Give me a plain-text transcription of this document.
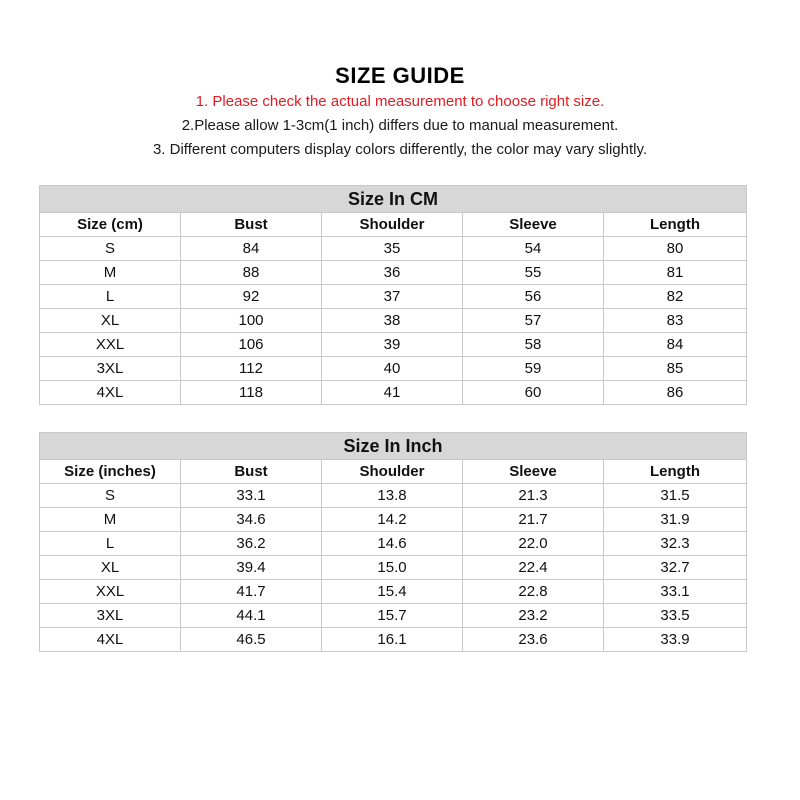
SIZE GUIDE
1. Please check the actual measurement to choose right size.
2.Please allow 1-3cm(1 inch) differs due to manual measurement.
3. Different computers display colors differently, the color may vary slightly.
Size In CM				
Size (cm)	Bust	Shoulder	Sleeve	Length
S	84	35	54	80
M	88	36	55	81
L	92	37	56	82
XL	100	38	57	83
XXL	106	39	58	84
3XL	112	40	59	85
4XL	118	41	60	86
Size In Inch				
Size (inches)	Bust	Shoulder	Sleeve	Length
S	33.1	13.8	21.3	31.5
M	34.6	14.2	21.7	31.9
L	36.2	14.6	22.0	32.3
XL	39.4	15.0	22.4	32.7
XXL	41.7	15.4	22.8	33.1
3XL	44.1	15.7	23.2	33.5
4XL	46.5	16.1	23.6	33.9
